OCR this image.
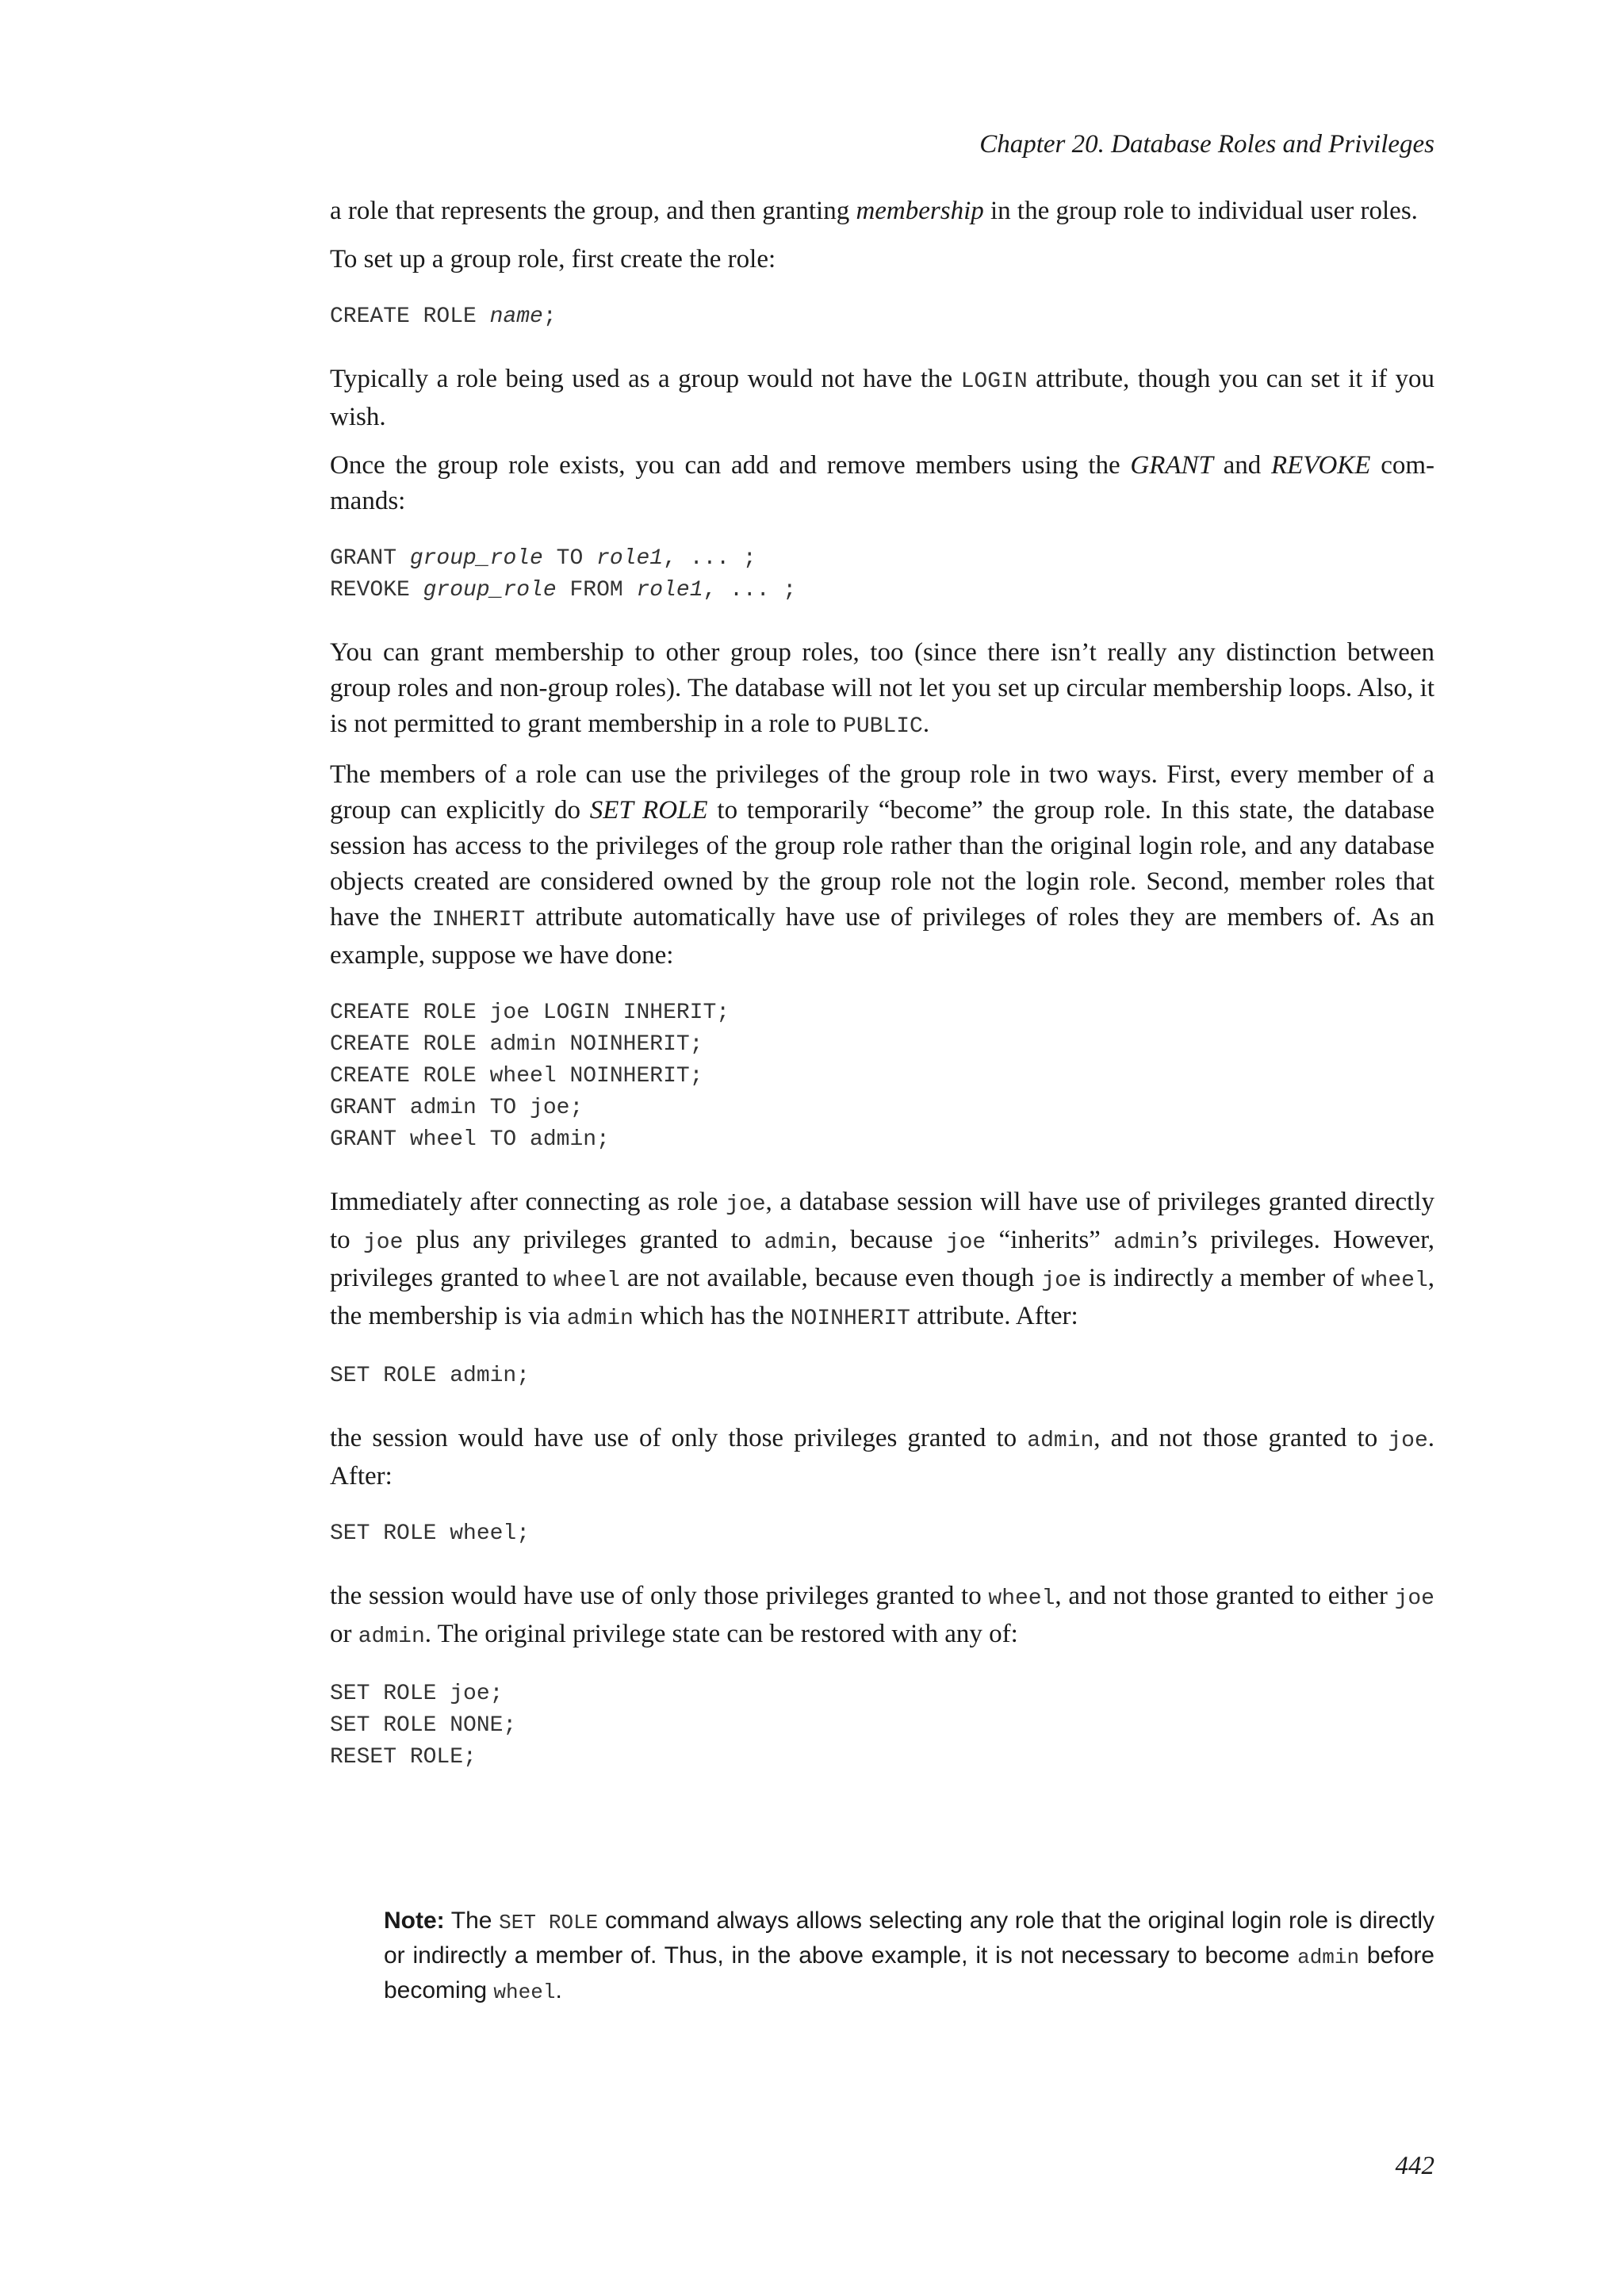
Chapter 20. Database Roles and Privileges

a role that represents the group, and then granting membership in the group role to individual user roles.

To set up a group role, first create the role:

CREATE ROLE name;

Typically a role being used as a group would not have the LOGIN attribute, though you can set it if you wish.

Once the group role exists, you can add and remove members using the GRANT and REVOKE com-mands:

GRANT group_role TO role1, ... ;
REVOKE group_role FROM role1, ... ;

You can grant membership to other group roles, too (since there isn’t really any distinction between group roles and non-group roles). The database will not let you set up circular membership loops. Also, it is not permitted to grant membership in a role to PUBLIC.

The members of a role can use the privileges of the group role in two ways. First, every member of a group can explicitly do SET ROLE to temporarily “become” the group role. In this state, the database session has access to the privileges of the group role rather than the original login role, and any database objects created are considered owned by the group role not the login role. Second, member roles that have the INHERIT attribute automatically have use of privileges of roles they are members of. As an example, suppose we have done:

CREATE ROLE joe LOGIN INHERIT;
CREATE ROLE admin NOINHERIT;
CREATE ROLE wheel NOINHERIT;
GRANT admin TO joe;
GRANT wheel TO admin;

Immediately after connecting as role joe, a database session will have use of privileges granted directly to joe plus any privileges granted to admin, because joe “inherits” admin’s privileges. However, privileges granted to wheel are not available, because even though joe is indirectly a member of wheel, the membership is via admin which has the NOINHERIT attribute. After:

SET ROLE admin;

the session would have use of only those privileges granted to admin, and not those granted to joe. After:

SET ROLE wheel;

the session would have use of only those privileges granted to wheel, and not those granted to either joe or admin. The original privilege state can be restored with any of:

SET ROLE joe;
SET ROLE NONE;
RESET ROLE;
Note: The SET ROLE command always allows selecting any role that the original login role is directly or indirectly a member of. Thus, in the above example, it is not necessary to become admin before becoming wheel.
442
